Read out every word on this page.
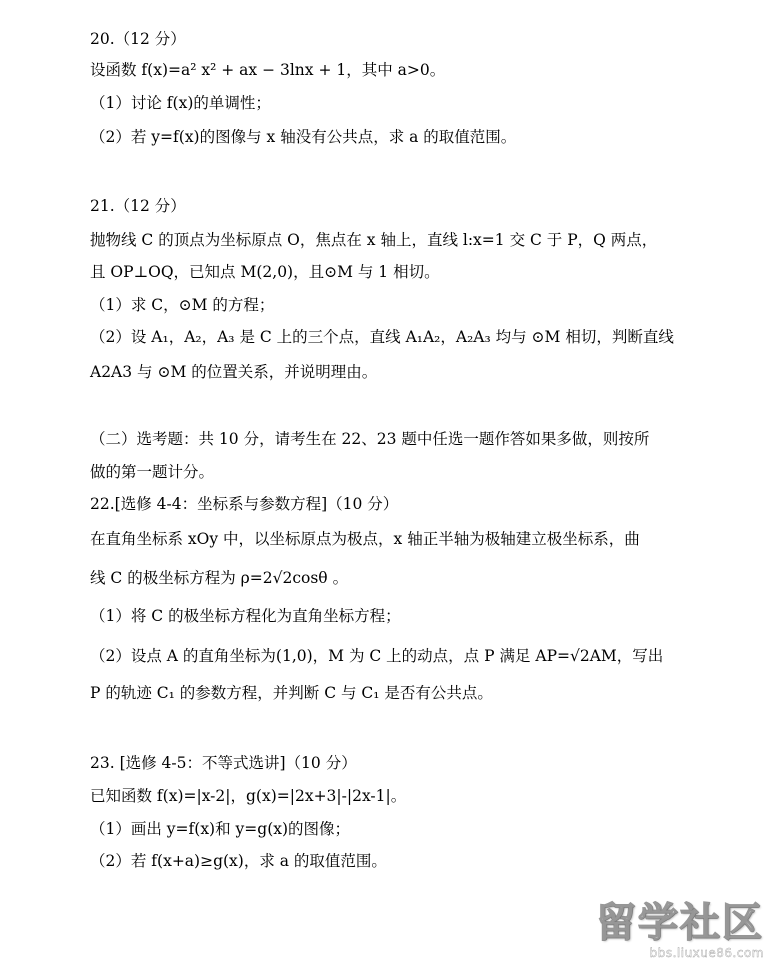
20.（12 分）
设函数 f(x)=a² x² + ax − 3lnx + 1，其中 a>0。
（1）讨论 f(x)的单调性；
（2）若 y=f(x)的图像与 x 轴没有公共点，求 a 的取值范围。
21.（12 分）
抛物线 C 的顶点为坐标原点 O，焦点在 x 轴上，直线 l:x=1 交 C 于 P，Q 两点，
且 OP⊥OQ，已知点 M(2,0)，且⊙M 与 1 相切。
（1）求 C，⊙M 的方程；
（2）设 A₁，A₂，A₃ 是 C 上的三个点，直线 A₁A₂，A₂A₃ 均与 ⊙M 相切，判断直线
A2A3 与 ⊙M 的位置关系，并说明理由。
（二）选考题：共 10 分，请考生在 22、23 题中任选一题作答如果多做，则按所
做的第一题计分。
22.[选修 4-4：坐标系与参数方程]（10 分）
在直角坐标系 xOy 中，以坐标原点为极点，x 轴正半轴为极轴建立极坐标系，曲
线 C 的极坐标方程为 ρ=2√2cosθ 。
（1）将 C 的极坐标方程化为直角坐标方程；
（2）设点 A 的直角坐标为(1,0)，M 为 C 上的动点，点 P 满足 AP=√2AM，写出
P 的轨迹 C₁ 的参数方程，并判断 C 与 C₁ 是否有公共点。
23. [选修 4-5：不等式选讲]（10 分）
已知函数 f(x)=|x-2|，g(x)=|2x+3|-|2x-1|。
（1）画出 y=f(x)和 y=g(x)的图像；
（2）若 f(x+a)≥g(x)，求 a 的取值范围。
留学社区
bbs.liuxue86.com
